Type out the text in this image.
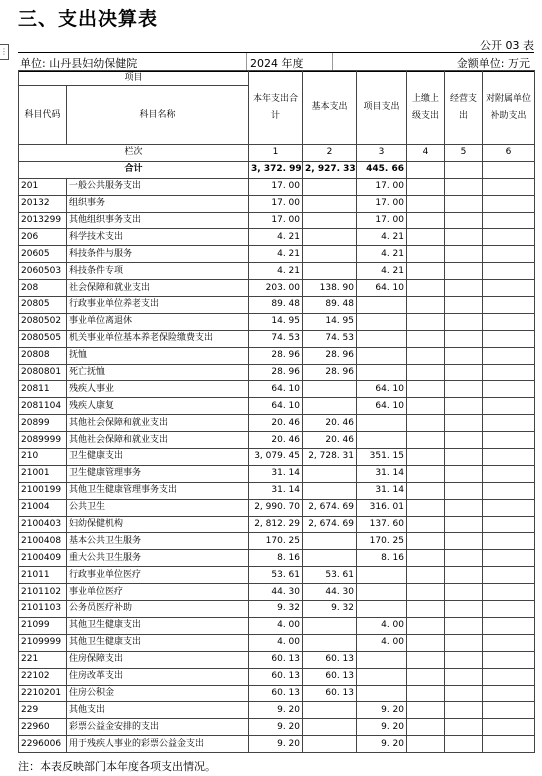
三、支出决算表
⋮	公开 03 表
单位: 山丹县妇幼保健院	2024 年度	金额单位: 万元
项目		本年支出合计	基本支出	项目支出	上缴上级支出	经营支出	对附属单位补助支出
科目代码	科目名称						
栏次		1	2	3	4	5	6
合计		3, 372. 99	2, 927. 33	445. 66			
201	一般公共服务支出	17. 00		17. 00			
20132	组织事务	17. 00		17. 00			
2013299	其他组织事务支出	17. 00		17. 00			
206	科学技术支出	4. 21		4. 21			
20605	科技条件与服务	4. 21		4. 21			
2060503	科技条件专项	4. 21		4. 21			
208	社会保障和就业支出	203. 00	138. 90	64. 10			
20805	行政事业单位养老支出	89. 48	89. 48				
2080502	事业单位离退休	14. 95	14. 95				
2080505	机关事业单位基本养老保险缴费支出	74. 53	74. 53				
20808	抚恤	28. 96	28. 96				
2080801	死亡抚恤	28. 96	28. 96				
20811	残疾人事业	64. 10		64. 10			
2081104	残疾人康复	64. 10		64. 10			
20899	其他社会保障和就业支出	20. 46	20. 46				
2089999	其他社会保障和就业支出	20. 46	20. 46				
210	卫生健康支出	3, 079. 45	2, 728. 31	351. 15			
21001	卫生健康管理事务	31. 14		31. 14			
2100199	其他卫生健康管理事务支出	31. 14		31. 14			
21004	公共卫生	2, 990. 70	2, 674. 69	316. 01			
2100403	妇幼保健机构	2, 812. 29	2, 674. 69	137. 60			
2100408	基本公共卫生服务	170. 25		170. 25			
2100409	重大公共卫生服务	8. 16		8. 16			
21011	行政事业单位医疗	53. 61	53. 61				
2101102	事业单位医疗	44. 30	44. 30				
2101103	公务员医疗补助	9. 32	9. 32				
21099	其他卫生健康支出	4. 00		4. 00			
2109999	其他卫生健康支出	4. 00		4. 00			
221	住房保障支出	60. 13	60. 13				
22102	住房改革支出	60. 13	60. 13				
2210201	住房公积金	60. 13	60. 13				
229	其他支出	9. 20		9. 20			
22960	彩票公益金安排的支出	9. 20		9. 20			
2296006	用于残疾人事业的彩票公益金支出	9. 20		9. 20			
注：本表反映部门本年度各项支出情况。
